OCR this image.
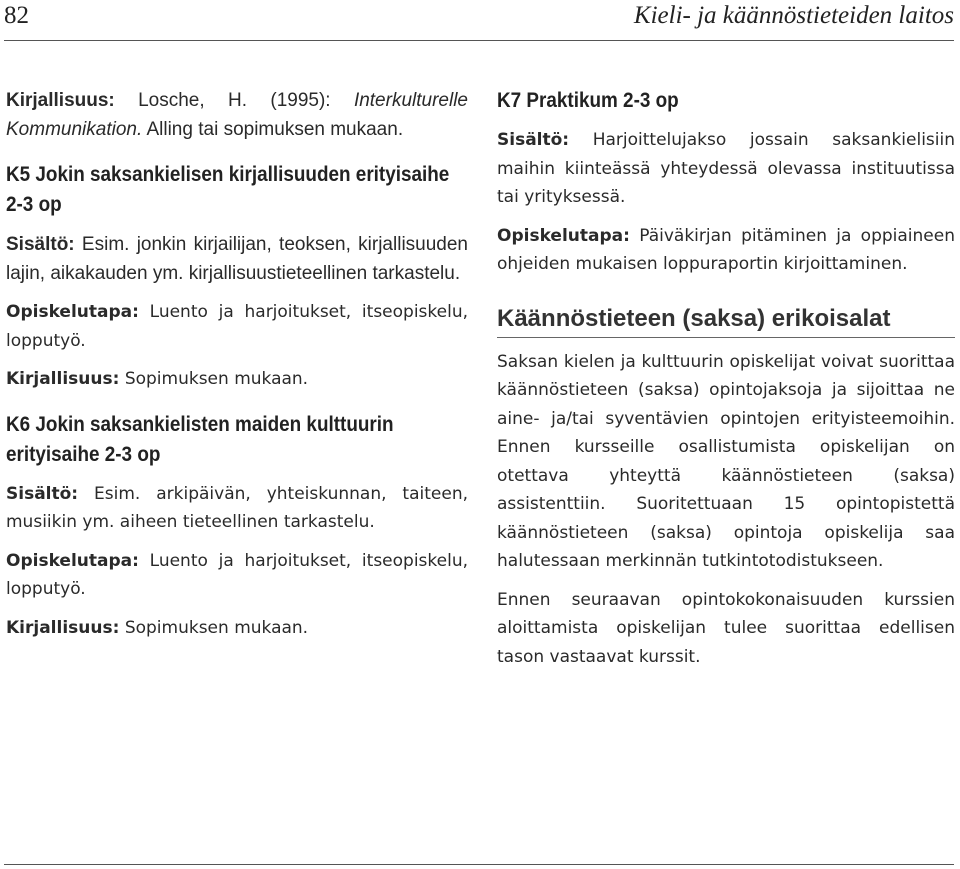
82	Kieli- ja käännöstieteiden laitos

Kirjallisuus: Losche, H. (1995): Interkulturelle Kommunikation. Alling tai sopimuksen mukaan.

K5 Jokin saksankielisen kirjallisuuden erityisaihe 2-3 op

Sisältö: Esim. jonkin kirjailijan, teoksen, kirjallisuuden lajin, aikakauden ym. kirjallisuustieteellinen tarkastelu.

Opiskelutapa: Luento ja harjoitukset, itseopiskelu, lopputyö.

Kirjallisuus: Sopimuksen mukaan.

K6 Jokin saksankielisten maiden kulttuurin erityisaihe 2-3 op

Sisältö: Esim. arkipäivän, yhteiskunnan, taiteen, musiikin ym. aiheen tieteellinen tarkastelu.

Opiskelutapa: Luento ja harjoitukset, itseopiskelu, lopputyö.

Kirjallisuus: Sopimuksen mukaan.

K7 Praktikum 2-3 op

Sisältö: Harjoittelujakso jossain saksankielisiin maihin kiinteässä yhteydessä olevassa instituutissa tai yrityksessä.

Opiskelutapa: Päiväkirjan pitäminen ja oppiaineen ohjeiden mukaisen loppuraportin kirjoittaminen.

Käännöstieteen (saksa) erikoisalat

Saksan kielen ja kulttuurin opiskelijat voivat suorittaa käännöstieteen (saksa) opintojaksoja ja sijoittaa ne aine- ja/tai syventävien opintojen erityisteemoihin. Ennen kursseille osallistumista opiskelijan on otettava yhteyttä käännöstieteen (saksa) assistenttiin. Suoritettuaan 15 opintopistettä käännöstieteen (saksa) opintoja opiskelija saa halutessaan merkinnän tutkintotodistukseen.

Ennen seuraavan opintokokonaisuuden kurssien aloittamista opiskelijan tulee suorittaa edellisen tason vastaavat kurssit.
